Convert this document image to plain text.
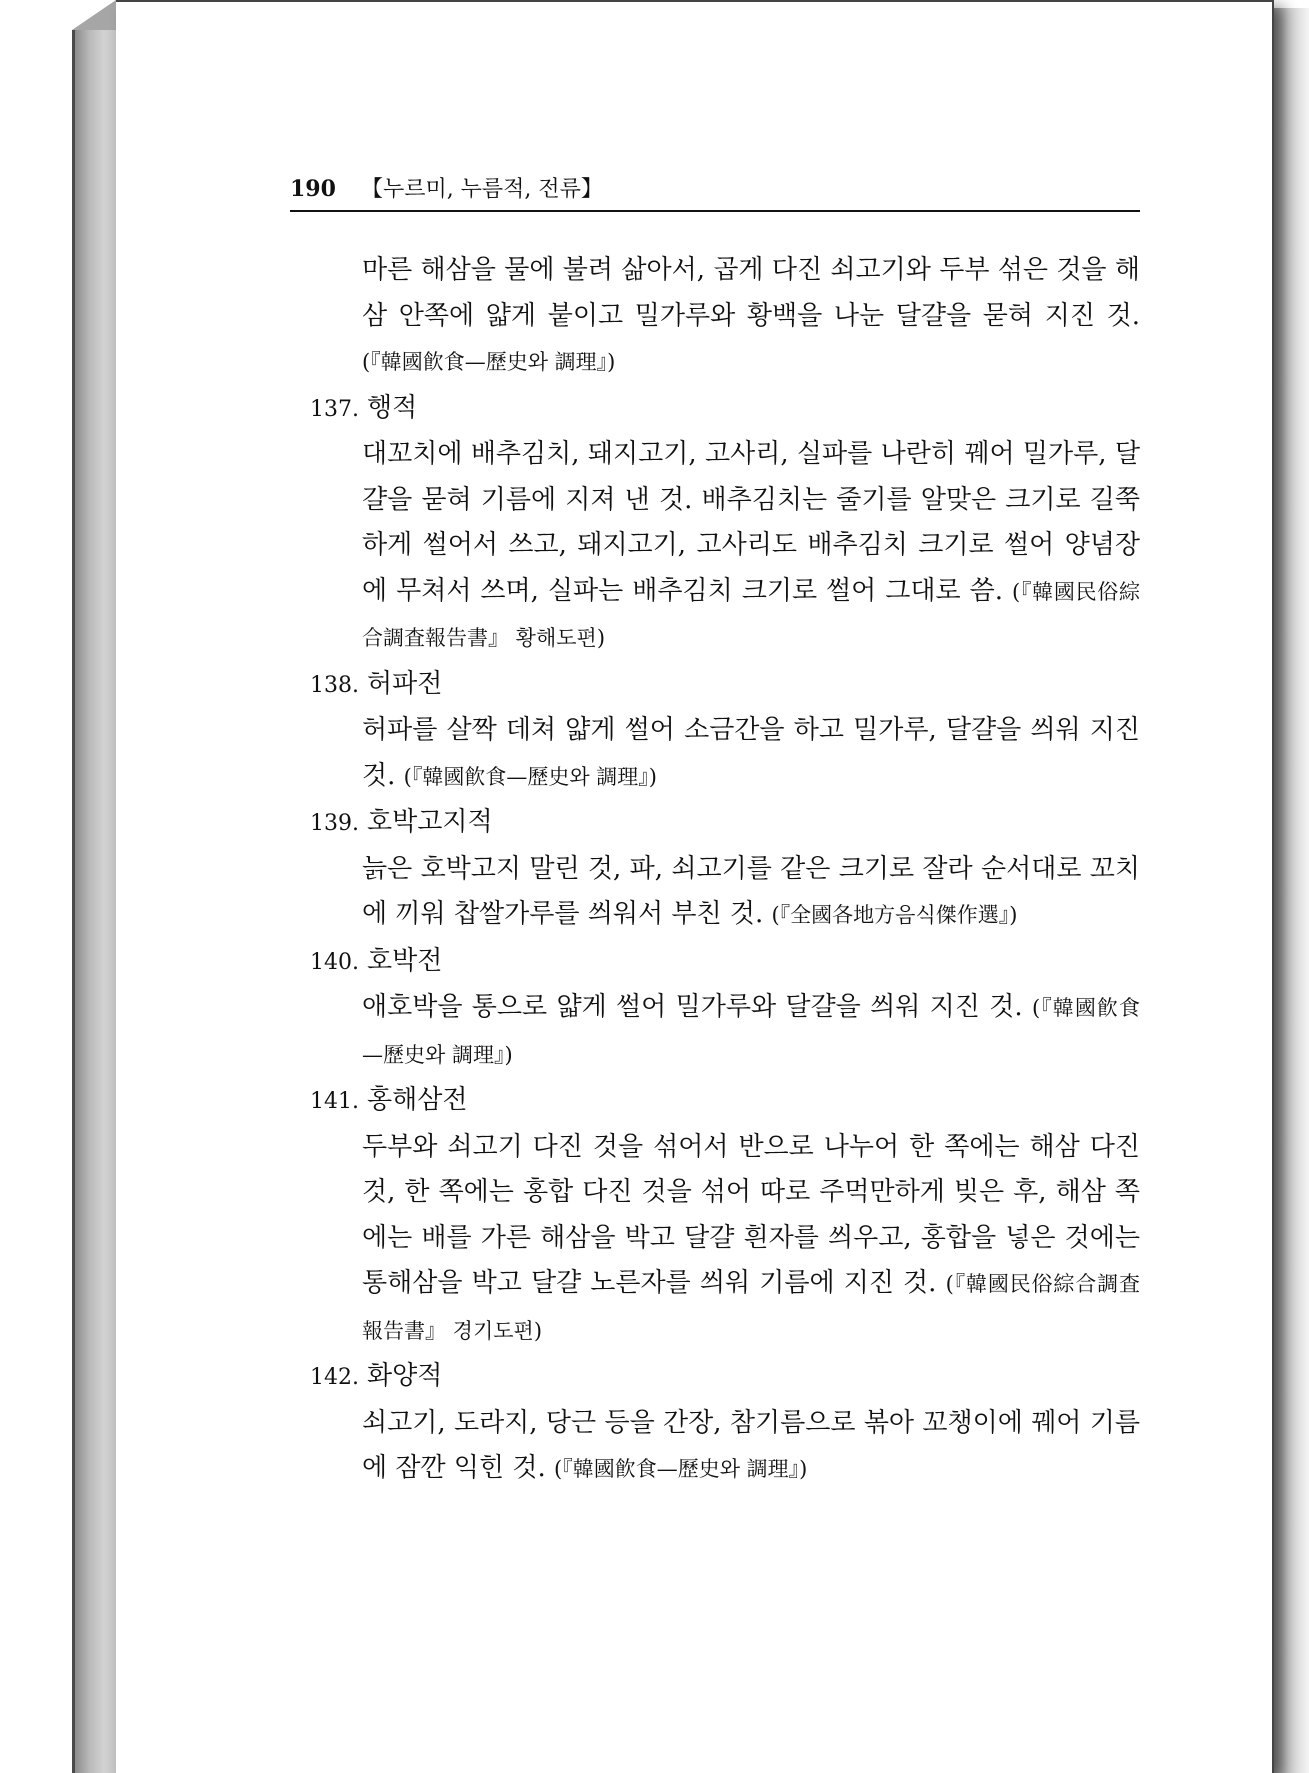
190 【누르미, 누름적, 전류】

마른 해삼을 물에 불려 삶아서, 곱게 다진 쇠고기와 두부 섞은 것을 해삼 안쪽에 얇게 붙이고 밀가루와 황백을 나눈 달걀을 묻혀 지진 것. (『韓國飮食—歷史와 調理』)

137. 행적

대꼬치에 배추김치, 돼지고기, 고사리, 실파를 나란히 꿰어 밀가루, 달걀을 묻혀 기름에 지져 낸 것. 배추김치는 줄기를 알맞은 크기로 길쭉하게 썰어서 쓰고, 돼지고기, 고사리도 배추김치 크기로 썰어 양념장에 무쳐서 쓰며, 실파는 배추김치 크기로 썰어 그대로 씀. (『韓國民俗綜合調査報告書』 황해도편)

138. 허파전

허파를 살짝 데쳐 얇게 썰어 소금간을 하고 밀가루, 달걀을 씌워 지진 것. (『韓國飮食—歷史와 調理』)

139. 호박고지적

늙은 호박고지 말린 것, 파, 쇠고기를 같은 크기로 잘라 순서대로 꼬치에 끼워 찹쌀가루를 씌워서 부친 것. (『全國各地方음식傑作選』)

140. 호박전

애호박을 통으로 얇게 썰어 밀가루와 달걀을 씌워 지진 것. (『韓國飮食—歷史와 調理』)

141. 홍해삼전

두부와 쇠고기 다진 것을 섞어서 반으로 나누어 한 쪽에는 해삼 다진 것, 한 쪽에는 홍합 다진 것을 섞어 따로 주먹만하게 빚은 후, 해삼 쪽에는 배를 가른 해삼을 박고 달걀 흰자를 씌우고, 홍합을 넣은 것에는 통해삼을 박고 달걀 노른자를 씌워 기름에 지진 것. (『韓國民俗綜合調査報告書』 경기도편)

142. 화양적

쇠고기, 도라지, 당근 등을 간장, 참기름으로 볶아 꼬챙이에 꿰어 기름에 잠깐 익힌 것. (『韓國飮食—歷史와 調理』)
